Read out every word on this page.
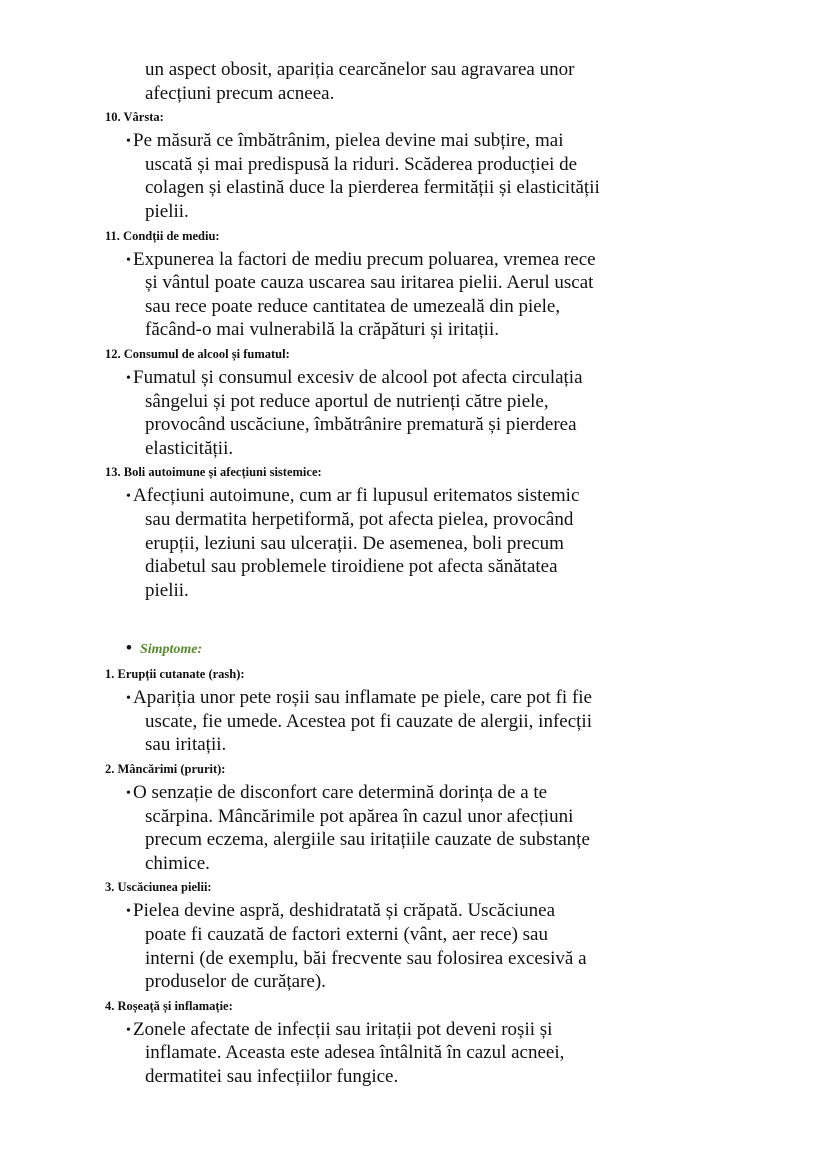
un aspect obosit, apariția cearcănelor sau agravarea unor
afecțiuni precum acneea.
10. Vârsta:
• Pe măsură ce îmbătrânim, pielea devine mai subțire, mai
uscată și mai predispusă la riduri. Scăderea producției de
colagen și elastină duce la pierderea fermității și elasticității
pielii.
11. Condții de mediu:
• Expunerea la factori de mediu precum poluarea, vremea rece
și vântul poate cauza uscarea sau iritarea pielii. Aerul uscat
sau rece poate reduce cantitatea de umezeală din piele,
făcând-o mai vulnerabilă la crăpături și iritații.
12. Consumul de alcool și fumatul:
• Fumatul și consumul excesiv de alcool pot afecta circulația
sângelui și pot reduce aportul de nutrienți către piele,
provocând uscăciune, îmbătrânire prematură și pierderea
elasticității.
13. Boli autoimune și afecțiuni sistemice:
• Afecțiuni autoimune, cum ar fi lupusul eritematos sistemic
sau dermatita herpetiformă, pot afecta pielea, provocând
erupții, leziuni sau ulcerații. De asemenea, boli precum
diabetul sau problemele tiroidiene pot afecta sănătatea
pielii.
• Simptome:
1. Erupții cutanate (rash):
• Apariția unor pete roșii sau inflamate pe piele, care pot fi fie
uscate, fie umede. Acestea pot fi cauzate de alergii, infecții
sau iritații.
2. Mâncărimi (prurit):
• O senzație de disconfort care determină dorința de a te
scărpina. Mâncărimile pot apărea în cazul unor afecțiuni
precum eczema, alergiile sau iritațiile cauzate de substanțe
chimice.
3. Uscăciunea pielii:
• Pielea devine aspră, deshidratată și crăpată. Uscăciunea
poate fi cauzată de factori externi (vânt, aer rece) sau
interni (de exemplu, băi frecvente sau folosirea excesivă a
produselor de curățare).
4. Roșeață și inflamație:
• Zonele afectate de infecții sau iritații pot deveni roșii și
inflamate. Aceasta este adesea întâlnită în cazul acneei,
dermatitei sau infecțiilor fungice.
